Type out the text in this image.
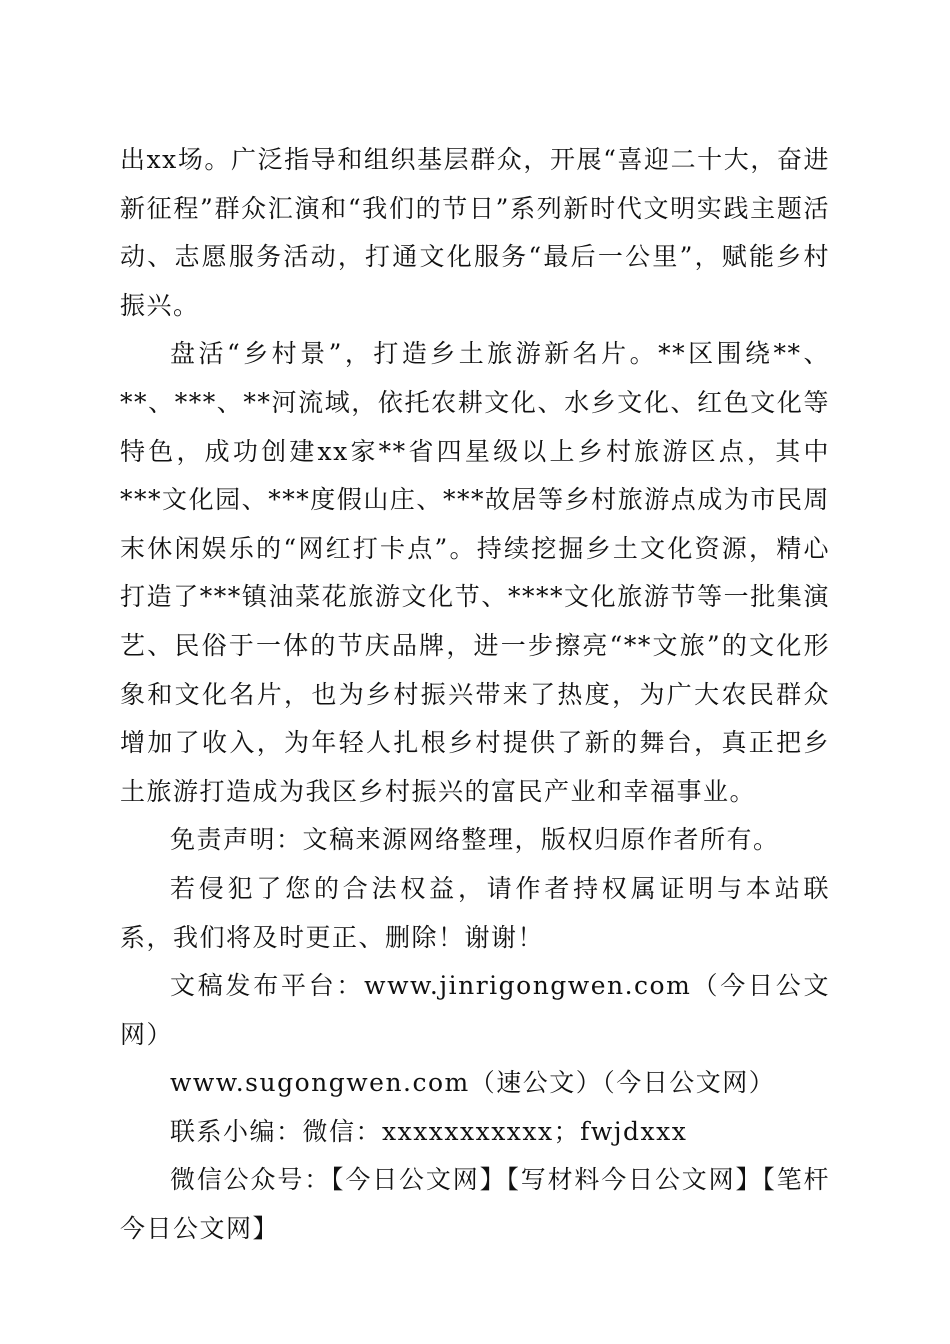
出xx场。广泛指导和组织基层群众，开展“喜迎二十大，奋进新征程”群众汇演和“我们的节日”系列新时代文明实践主题活动、志愿服务活动，打通文化服务“最后一公里”，赋能乡村振兴。

盘活“乡村景”，打造乡土旅游新名片。**区围绕**、**、***、**河流域，依托农耕文化、水乡文化、红色文化等特色，成功创建xx家**省四星级以上乡村旅游区点，其中***文化园、***度假山庄、***故居等乡村旅游点成为市民周末休闲娱乐的“网红打卡点”。持续挖掘乡土文化资源，精心打造了***镇油菜花旅游文化节、****文化旅游节等一批集演艺、民俗于一体的节庆品牌，进一步擦亮“**文旅”的文化形象和文化名片，也为乡村振兴带来了热度，为广大农民群众增加了收入，为年轻人扎根乡村提供了新的舞台，真正把乡土旅游打造成为我区乡村振兴的富民产业和幸福事业。

免责声明：文稿来源网络整理，版权归原作者所有。

若侵犯了您的合法权益，请作者持权属证明与本站联系，我们将及时更正、删除！谢谢！

文稿发布平台：www.jinrigongwen.com（今日公文网）

www.sugongwen.com（速公文）（今日公文网）

联系小编：微信：xxxxxxxxxxx；fwjdxxx

微信公众号：【今日公文网】【写材料今日公文网】【笔杆今日公文网】
